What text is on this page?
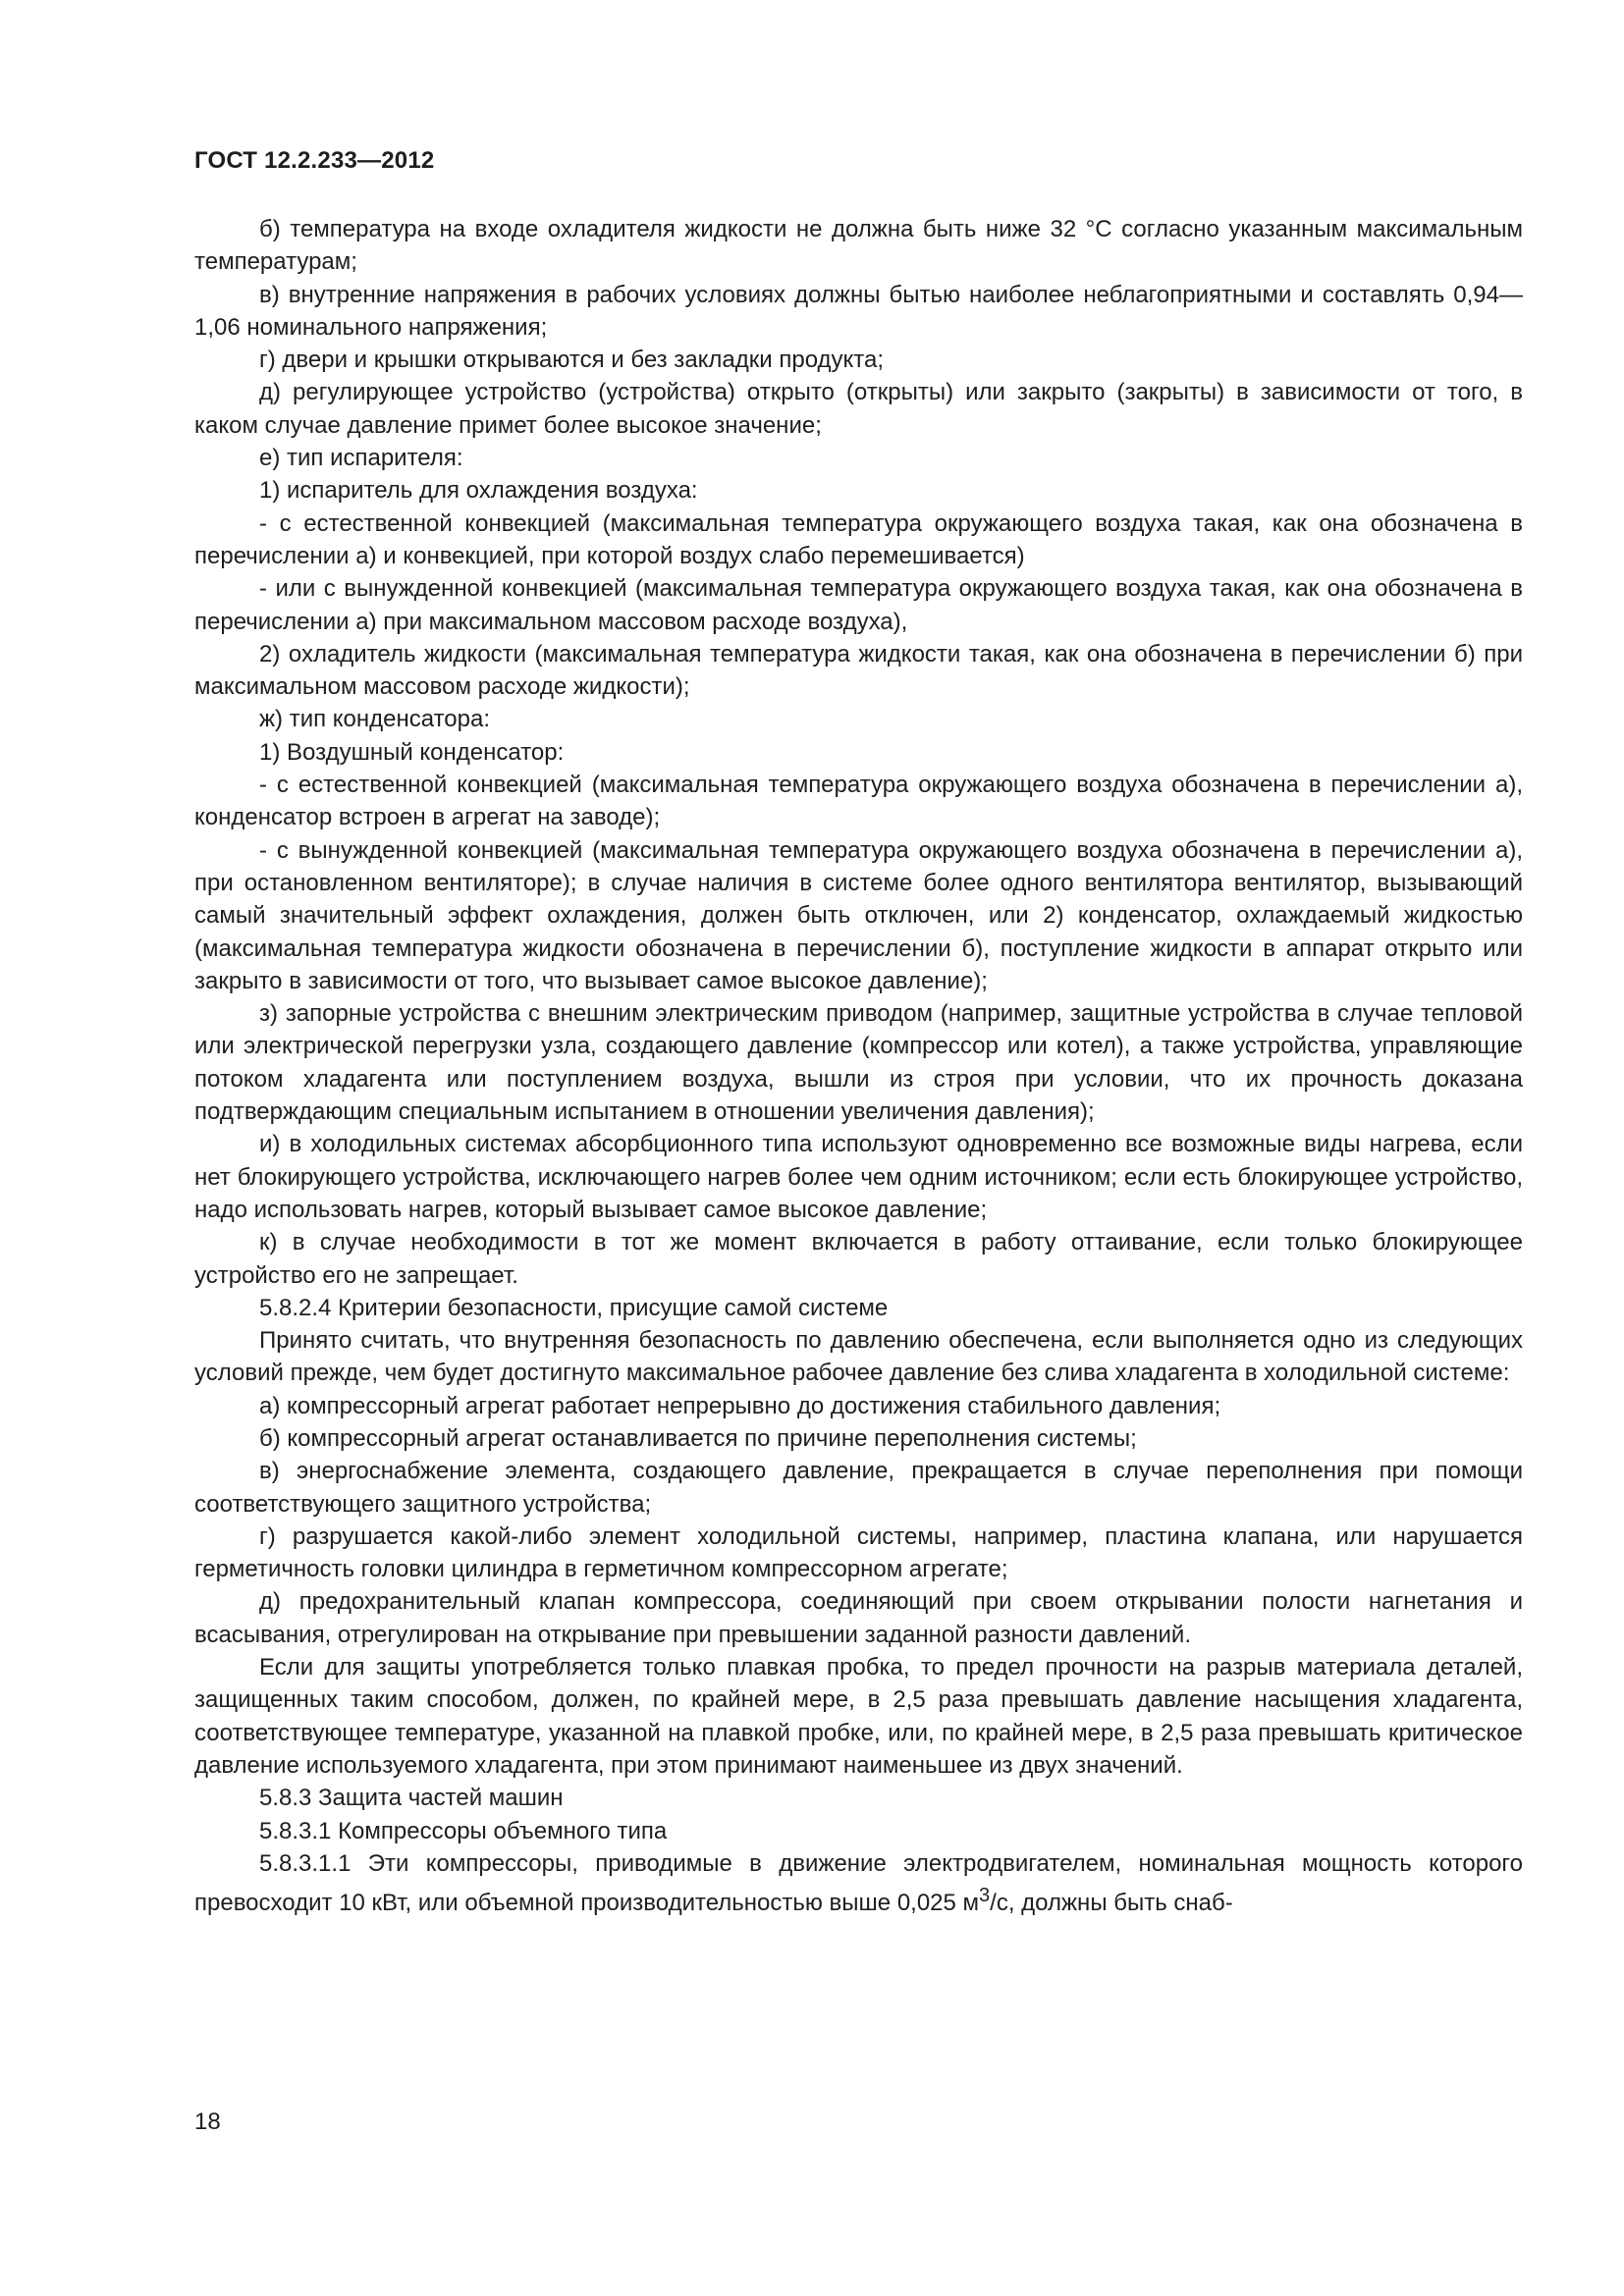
ГОСТ 12.2.233—2012

б) температура на входе охладителя жидкости не должна быть ниже 32 °С согласно указанным максимальным температурам;

в) внутренние напряжения в рабочих условиях должны бытью наиболее неблагоприятными и составлять 0,94—1,06 номинального напряжения;

г) двери и крышки открываются и без закладки продукта;

д) регулирующее устройство (устройства) открыто (открыты) или закрыто (закрыты) в зависимости от того, в каком случае давление примет более высокое значение;

е) тип испарителя:

1) испаритель для охлаждения воздуха:

- с естественной конвекцией (максимальная температура окружающего воздуха такая, как она обозначена в перечислении а) и конвекцией, при которой воздух слабо перемешивается)

- или с вынужденной конвекцией (максимальная температура окружающего воздуха такая, как она обозначена в перечислении а) при максимальном массовом расходе воздуха),

2) охладитель жидкости (максимальная температура жидкости такая, как она обозначена в перечислении б) при максимальном массовом расходе жидкости);

ж) тип конденсатора:

1) Воздушный конденсатор:

- с естественной конвекцией (максимальная температура окружающего воздуха обозначена в перечислении а), конденсатор встроен в агрегат на заводе);

- с вынужденной конвекцией (максимальная температура окружающего воздуха обозначена в перечислении а), при остановленном вентиляторе); в случае наличия в системе более одного вентилятора вентилятор, вызывающий самый значительный эффект охлаждения, должен быть отключен, или 2) конденсатор, охлаждаемый жидкостью (максимальная температура жидкости обозначена в перечислении б), поступление жидкости в аппарат открыто или закрыто в зависимости от того, что вызывает самое высокое давление);

з) запорные устройства с внешним электрическим приводом (например, защитные устройства в случае тепловой или электрической перегрузки узла, создающего давление (компрессор или котел), а также устройства, управляющие потоком хладагента или поступлением воздуха, вышли из строя при условии, что их прочность доказана подтверждающим специальным испытанием в отношении увеличения давления);

и) в холодильных системах абсорбционного типа используют одновременно все возможные виды нагрева, если нет блокирующего устройства, исключающего нагрев более чем одним источником; если есть блокирующее устройство, надо использовать нагрев, который вызывает самое высокое давление;

к) в случае необходимости в тот же момент включается в работу оттаивание, если только блокирующее устройство его не запрещает.

5.8.2.4 Критерии безопасности, присущие самой системе

Принято считать, что внутренняя безопасность по давлению обеспечена, если выполняется одно из следующих условий прежде, чем будет достигнуто максимальное рабочее давление без слива хладагента в холодильной системе:

а) компрессорный агрегат работает непрерывно до достижения стабильного давления;

б) компрессорный агрегат останавливается по причине переполнения системы;

в) энергоснабжение элемента, создающего давление, прекращается в случае переполнения при помощи соответствующего защитного устройства;

г) разрушается какой-либо элемент холодильной системы, например, пластина клапана, или нарушается герметичность головки цилиндра в герметичном компрессорном агрегате;

д) предохранительный клапан компрессора, соединяющий при своем открывании полости нагнетания и всасывания, отрегулирован на открывание при превышении заданной разности давлений.

Если для защиты употребляется только плавкая пробка, то предел прочности на разрыв материала деталей, защищенных таким способом, должен, по крайней мере, в 2,5 раза превышать давление насыщения хладагента, соответствующее температуре, указанной на плавкой пробке, или, по крайней мере, в 2,5 раза превышать критическое давление используемого хладагента, при этом принимают наименьшее из двух значений.

5.8.3 Защита частей машин

5.8.3.1 Компрессоры объемного типа

5.8.3.1.1 Эти компрессоры, приводимые в движение электродвигателем, номинальная мощность которого превосходит 10 кВт, или объемной производительностью выше 0,025 $м^3/с$, должны быть снаб-

18
